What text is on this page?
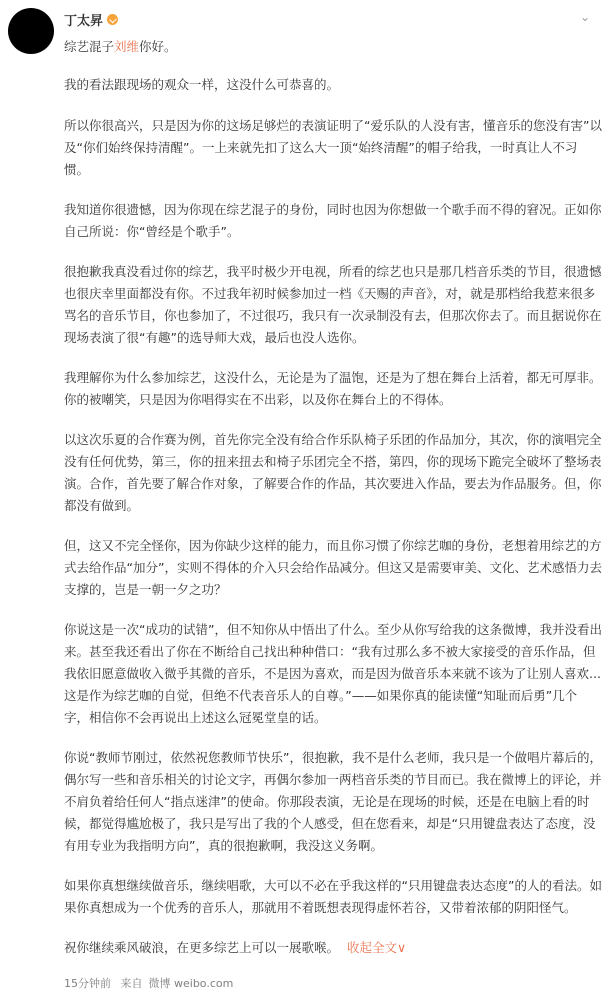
丁太昇	⌄
综艺混子刘维你好。

我的看法跟现场的观众一样，这没什么可恭喜的。

所以你很高兴，只是因为你的这场足够烂的表演证明了“爱乐队的人没有害，懂音乐的您没有害”以及“你们始终保持清醒”。一上来就先扣了这么大一顶“始终清醒”的帽子给我，一时真让人不习惯。

我知道你很遗憾，因为你现在综艺混子的身份，同时也因为你想做一个歌手而不得的窘况。正如你自己所说：你“曾经是个歌手”。

很抱歉我真没看过你的综艺，我平时极少开电视，所看的综艺也只是那几档音乐类的节目，很遗憾也很庆幸里面都没有你。不过我年初时候参加过一档《天赐的声音》，对，就是那档给我惹来很多骂名的音乐节目，你也参加了，不过很巧，我只有一次录制没有去，但那次你去了。而且据说你在现场表演了很“有趣”的选导师大戏，最后也没人选你。

我理解你为什么参加综艺，这没什么，无论是为了温饱，还是为了想在舞台上活着，都无可厚非。你的被嘲笑，只是因为你唱得实在不出彩，以及你在舞台上的不得体。

以这次乐夏的合作赛为例，首先你完全没有给合作乐队椅子乐团的作品加分，其次，你的演唱完全没有任何优势，第三，你的扭来扭去和椅子乐团完全不搭，第四，你的现场下跪完全破坏了整场表演。合作，首先要了解合作对象，了解要合作的作品，其次要进入作品，要去为作品服务。但，你都没有做到。

但，这又不完全怪你，因为你缺少这样的能力，而且你习惯了你综艺咖的身份，老想着用综艺的方式去给作品“加分”，实则不得体的介入只会给作品减分。但这又是需要审美、文化、艺术感悟力去支撑的，岂是一朝一夕之功？

你说这是一次“成功的试错”，但不知你从中悟出了什么。至少从你写给我的这条微博，我并没看出来。甚至我还看出了你在不断给自己找出种种借口：“我有过那么多不被大家接受的音乐作品，但我依旧愿意做收入微乎其微的音乐，不是因为喜欢，而是因为做音乐本来就不该为了让别人喜欢...这是作为综艺咖的自觉，但绝不代表音乐人的自尊。”——如果你真的能读懂“知耻而后勇”几个字，相信你不会再说出上述这么冠冕堂皇的话。

你说“教师节刚过，依然祝您教师节快乐”，很抱歉，我不是什么老师，我只是一个做唱片幕后的，偶尔写一些和音乐相关的讨论文字，再偶尔参加一两档音乐类的节目而已。我在微博上的评论，并不肩负着给任何人“指点迷津”的使命。你那段表演，无论是在现场的时候，还是在电脑上看的时候，都觉得尴尬极了，我只是写出了我的个人感受，但在您看来，却是“只用键盘表达了态度，没有用专业为我指明方向”，真的很抱歉啊，我没这义务啊。

如果你真想继续做音乐，继续唱歌，大可以不必在乎我这样的“只用键盘表达态度”的人的看法。如果你真想成为一个优秀的音乐人，那就用不着既想表现得虚怀若谷，又带着浓郁的阴阳怪气。

祝你继续乘风破浪，在更多综艺上可以一展歌喉。 收起全文∨

15分钟前 来自 微博 weibo.com
